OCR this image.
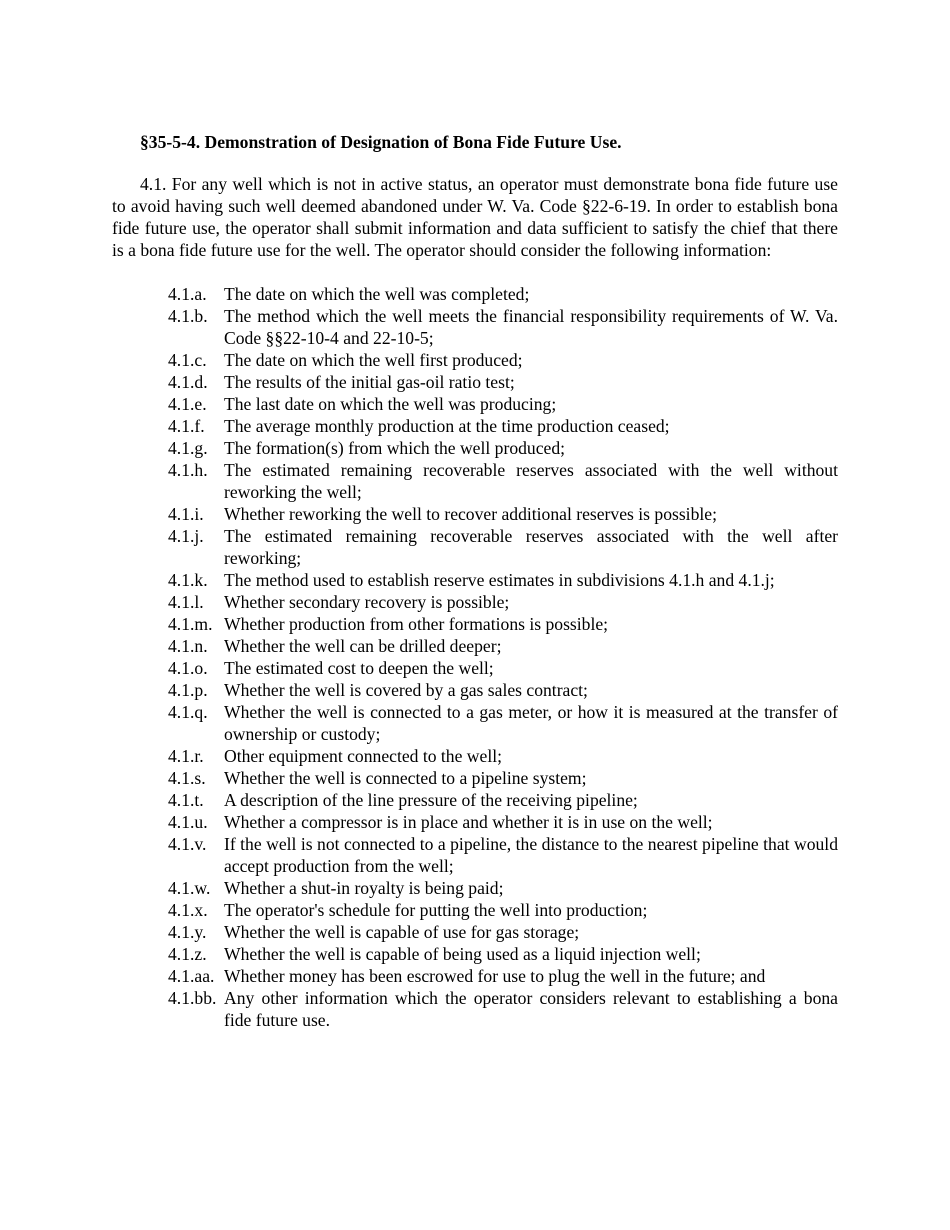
§35-5-4. Demonstration of Designation of Bona Fide Future Use.

4.1. For any well which is not in active status, an operator must demonstrate bona fide future use to avoid having such well deemed abandoned under W. Va. Code §22-6-19. In order to establish bona fide future use, the operator shall submit information and data sufficient to satisfy the chief that there is a bona fide future use for the well. The operator should consider the following information:

4.1.a. The date on which the well was completed;
4.1.b. The method which the well meets the financial responsibility requirements of W. Va. Code §§22-10-4 and 22-10-5;
4.1.c. The date on which the well first produced;
4.1.d. The results of the initial gas-oil ratio test;
4.1.e. The last date on which the well was producing;
4.1.f. The average monthly production at the time production ceased;
4.1.g. The formation(s) from which the well produced;
4.1.h. The estimated remaining recoverable reserves associated with the well without reworking the well;
4.1.i. Whether reworking the well to recover additional reserves is possible;
4.1.j. The estimated remaining recoverable reserves associated with the well after reworking;
4.1.k. The method used to establish reserve estimates in subdivisions 4.1.h and 4.1.j;
4.1.l. Whether secondary recovery is possible;
4.1.m. Whether production from other formations is possible;
4.1.n. Whether the well can be drilled deeper;
4.1.o. The estimated cost to deepen the well;
4.1.p. Whether the well is covered by a gas sales contract;
4.1.q. Whether the well is connected to a gas meter, or how it is measured at the transfer of ownership or custody;
4.1.r. Other equipment connected to the well;
4.1.s. Whether the well is connected to a pipeline system;
4.1.t. A description of the line pressure of the receiving pipeline;
4.1.u. Whether a compressor is in place and whether it is in use on the well;
4.1.v. If the well is not connected to a pipeline, the distance to the nearest pipeline that would accept production from the well;
4.1.w. Whether a shut-in royalty is being paid;
4.1.x. The operator's schedule for putting the well into production;
4.1.y. Whether the well is capable of use for gas storage;
4.1.z. Whether the well is capable of being used as a liquid injection well;
4.1.aa. Whether money has been escrowed for use to plug the well in the future; and
4.1.bb. Any other information which the operator considers relevant to establishing a bona fide future use.
